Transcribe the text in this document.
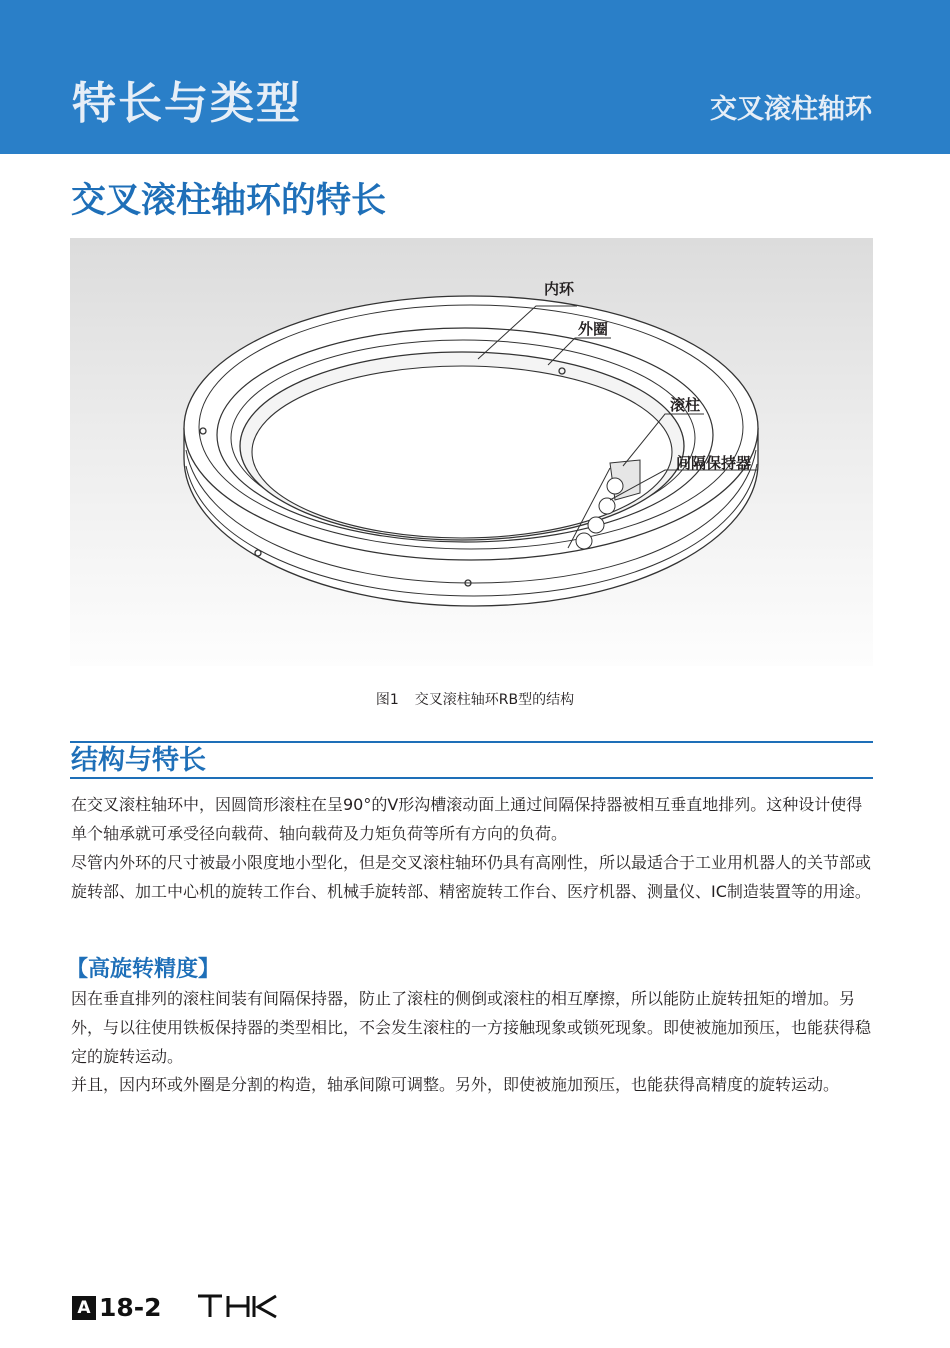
特长与类型	交叉滚柱轴环
交叉滚柱轴环的特长
内环
外圈
滚柱
间隔保持器
图1 交叉滚柱轴环RB型的结构
结构与特长

在交叉滚柱轴环中，因圆筒形滚柱在呈90°的V形沟槽滚动面上通过间隔保持器被相互垂直地排列。这种设计使得单个轴承就可承受径向载荷、轴向载荷及力矩负荷等所有方向的负荷。

尽管内外环的尺寸被最小限度地小型化，但是交叉滚柱轴环仍具有高刚性，所以最适合于工业用机器人的关节部或旋转部、加工中心机的旋转工作台、机械手旋转部、精密旋转工作台、医疗机器、测量仪、IC制造装置等的用途。

【高旋转精度】

因在垂直排列的滚柱间装有间隔保持器，防止了滚柱的侧倒或滚柱的相互摩擦，所以能防止旋转扭矩的增加。另外，与以往使用铁板保持器的类型相比，不会发生滚柱的一方接触现象或锁死现象。即使被施加预压，也能获得稳定的旋转运动。

并且，因内环或外圈是分割的构造，轴承间隙可调整。另外，即使被施加预压，也能获得高精度的旋转运动。

A 18-2
